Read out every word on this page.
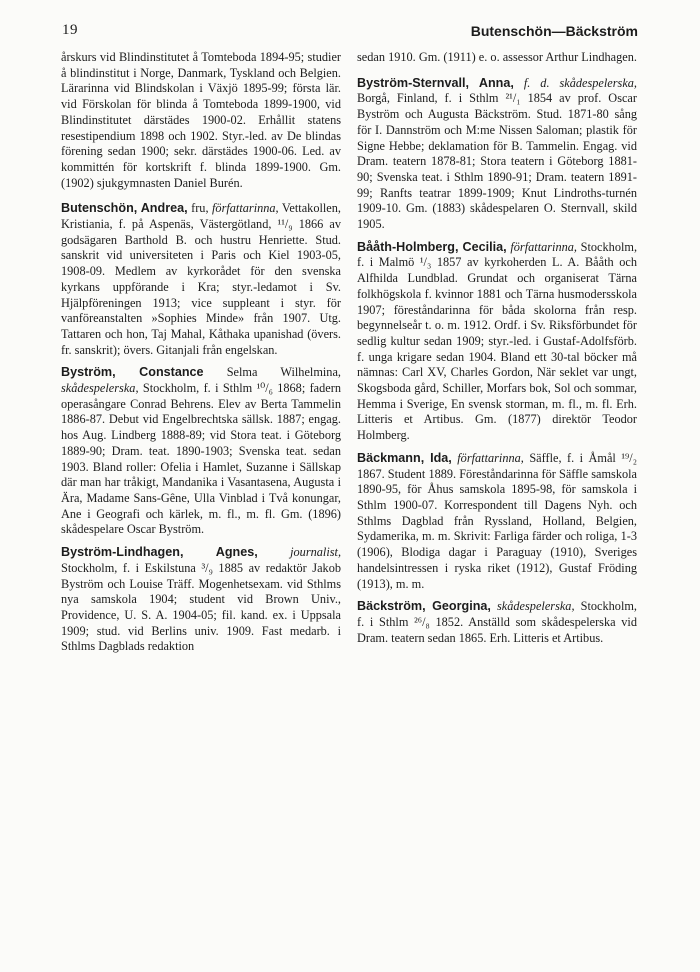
19	Butenschön—Bäckström

årskurs vid Blindinstitutet å Tomteboda 1894-95; studier å blindinstitut i Norge, Danmark, Tyskland och Belgien. Lärarinna vid Blindskolan i Växjö 1895-99; första lär. vid Förskolan för blinda å Tomteboda 1899-1900, vid Blindinstitutet därstädes 1900-02. Erhållit statens resestipendium 1898 och 1902. Styr.-led. av De blindas förening sedan 1900; sekr. därstädes 1900-06. Led. av kommittén för kortskrift f. blinda 1899-1900. Gm. (1902) sjukgymnasten Daniel Burén.

Butenschön, Andrea, fru, författarinna,

Vettakollen, Kristiania, f. på Aspenäs, Västergötland, ¹¹/₉ 1866 av godsägaren Barthold B. och hustru Henriette. Stud. sanskrit vid universiteten i Paris och Kiel 1903-05, 1908-09. Medlem av kyrkorådet för den svenska kyrkans uppförande i Kra; styr.-ledamot i Sv. Hjälpföreningen 1913; vice suppleant i styr. för vanföreanstalten »Sophies Minde» från 1907. Utg. Tattaren och hon, Taj Mahal, Kåthaka upanishad (övers. fr. sanskrit); övers. Gitanjali från engelskan.

Byström, Constance Selma Wilhelmina, skådespelerska,

Stockholm, f. i Sthlm ¹⁰/₆ 1868; fadern operasångare Conrad Behrens. Elev av Berta Tammelin 1886-87. Debut vid Engelbrechtska sällsk. 1887; engag. hos Aug. Lindberg 1888-89; vid Stora teat. i Göteborg 1889-90; Dram. teat. 1890-1903; Svenska teat. sedan 1903. Bland roller: Ofelia i Hamlet, Suzanne i Sällskap där man har tråkigt, Mandanika i Vasantasena, Augusta i Ära, Madame Sans-Gêne, Ulla Vinblad i Två konungar, Ane i Geografi och kärlek, m. fl., m. fl. Gm. (1896) skådespelare Oscar Byström.

Byström-Lindhagen, Agnes,	journalist,

Stockholm, f. i Eskilstuna ³/₉ 1885 av redaktör Jakob Byström och Louise Träff. Mogenhetsexam. vid Sthlms nya samskola 1904; student vid Brown Univ., Providence, U. S. A. 1904-05; fil. kand. ex. i Uppsala 1909; stud. vid Berlins univ. 1909. Fast medarb. i Sthlms Dagblads redaktion

sedan 1910. Gm. (1911) e. o. assessor Arthur Lindhagen.

Byström-Sternvall, Anna, f. d. skådespelerska,

Borgå, Finland, f. i Sthlm ²¹/₁ 1854 av prof. Oscar Byström och Augusta Bäckström. Stud. 1871-80 sång för I. Dannström och M:me Nissen Saloman; plastik för Signe Hebbe; deklamation för B. Tammelin. Engag. vid Dram. teatern 1878-81; Stora teatern i Göteborg 1881-90; Svenska teat. i Sthlm 1890-91; Dram. teatern 1891-99; Ranfts teatrar 1899-1909; Knut Lindroths-turnén 1909-10. Gm. (1883) skådespelaren O. Sternvall, skild 1905.

Bååth-Holmberg, Cecilia, författarinna,

Stockholm, f. i Malmö ¹/₃ 1857 av kyrkoherden L. A. Bååth och Alfhilda Lundblad. Grundat och organiserat Tärna folkhögskola f. kvinnor 1881 och Tärna husmodersskola 1907; föreståndarinna för båda skolorna från resp. begynnelseår t. o. m. 1912. Ordf. i Sv. Riksförbundet för sedlig kultur sedan 1909; styr.-led. i Gustaf-Adolfsförb. f. unga krigare sedan 1904. Bland ett 30-tal böcker må nämnas: Carl XV, Charles Gordon, När seklet var ungt, Skogsboda gård, Schiller, Morfars bok, Sol och sommar, Hemma i Sverige, En svensk storman, m. fl., m. fl. Erh. Litteris et Artibus. Gm. (1877) direktör Teodor Holmberg.

Bäckmann, Ida, författarinna,

Säffle, f. i Åmål ¹⁹/₂ 1867. Student 1889. Föreståndarinna för Säffle samskola 1890-95, för Åhus samskola 1895-98, för samskola i Sthlm 1900-07. Korrespondent till Dagens Nyh. och Sthlms Dagblad från Ryssland, Holland, Belgien, Sydamerika, m. m. Skrivit: Farliga färder och roliga, 1-3 (1906), Blodiga dagar i Paraguay (1910), Sveriges handelsintressen i ryska riket (1912), Gustaf Fröding (1913), m. m.

Bäckström, Georgina, skådespelerska,

Stockholm, f. i Sthlm ²⁶/₈ 1852. Anställd som skådespelerska vid Dram. teatern sedan 1865. Erh. Litteris et Artibus.
